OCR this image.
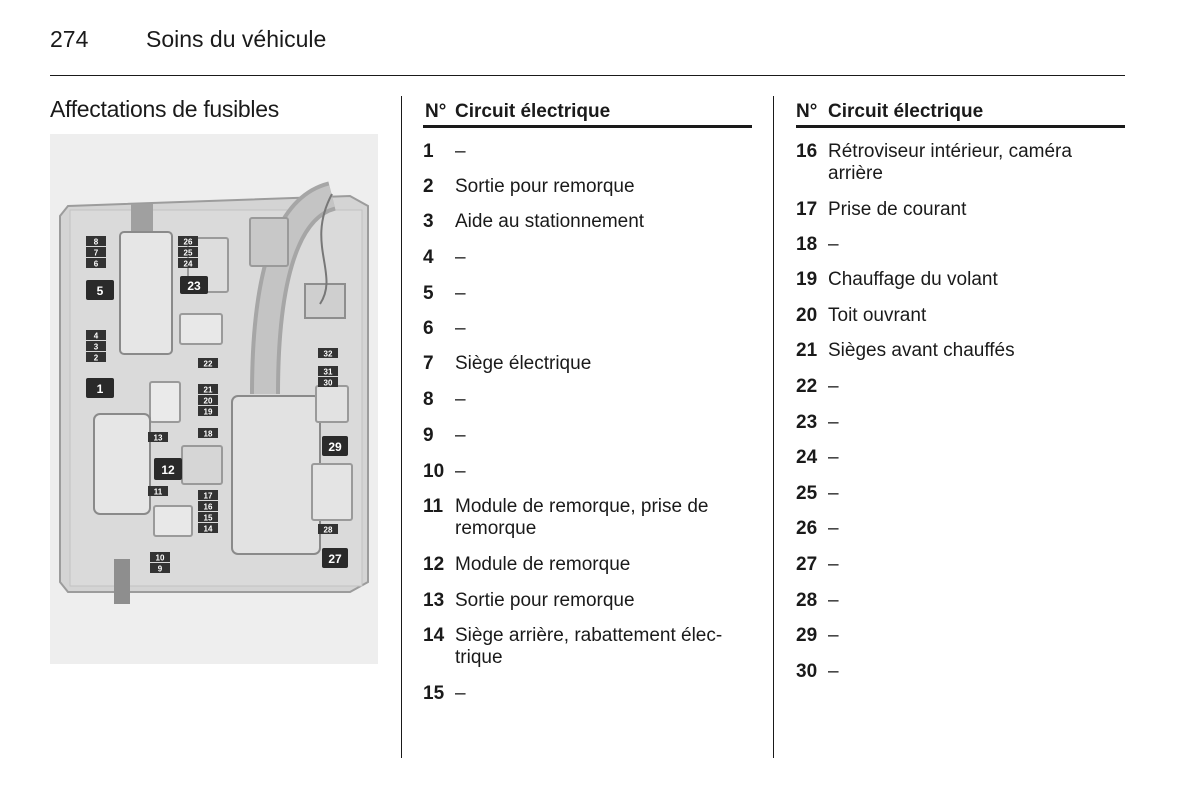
274	Soins du véhicule
Affectations de fusibles
5
1
23
12
29
27
8
7
6
26
25
24
4
3
2
22
32
31
30
21
20
19
13	18
11	17
16
15
14	28
10
9
N° Circuit électrique
1 –
2 Sortie pour remorque
3 Aide au stationnement
4 –
5 –
6 –
7 Siège électrique
8 –
9 –
10 –
11 Module de remorque, prise de remorque
12 Module de remorque
13 Sortie pour remorque
14 Siège arrière, rabattement élec-trique
15 –
N° Circuit électrique
16 Rétroviseur intérieur, caméra arrière
17 Prise de courant
18 –
19 Chauffage du volant
20 Toit ouvrant
21 Sièges avant chauffés
22 –
23 –
24 –
25 –
26 –
27 –
28 –
29 –
30 –
